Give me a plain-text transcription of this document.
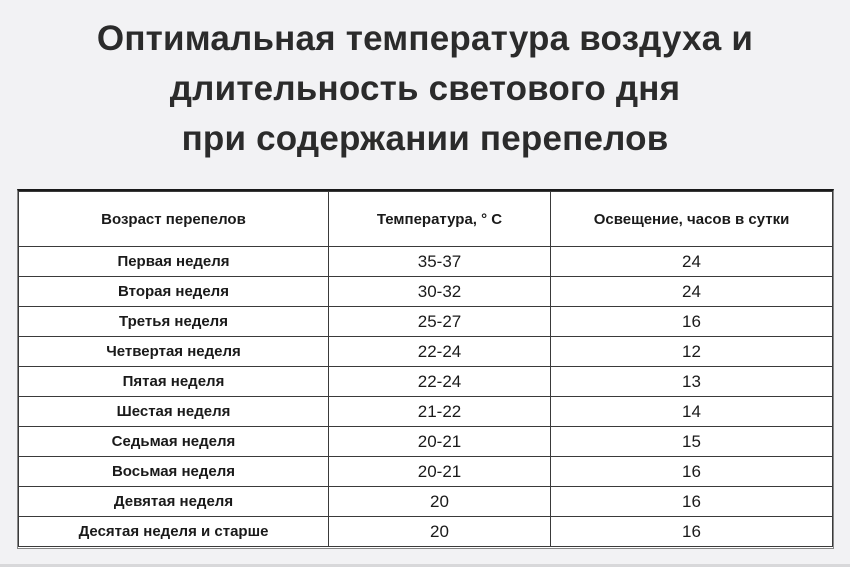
Оптимальная температура воздуха и
длительность светового дня
при содержании перепелов
Возраст перепелов	Температура, ° С	Освещение, часов в сутки
Первая неделя	35-37	24
Вторая неделя	30-32	24
Третья неделя	25-27	16
Четвертая неделя	22-24	12
Пятая неделя	22-24	13
Шестая неделя	21-22	14
Седьмая неделя	20-21	15
Восьмая неделя	20-21	16
Девятая неделя	20	16
Десятая неделя и старше	20	16
